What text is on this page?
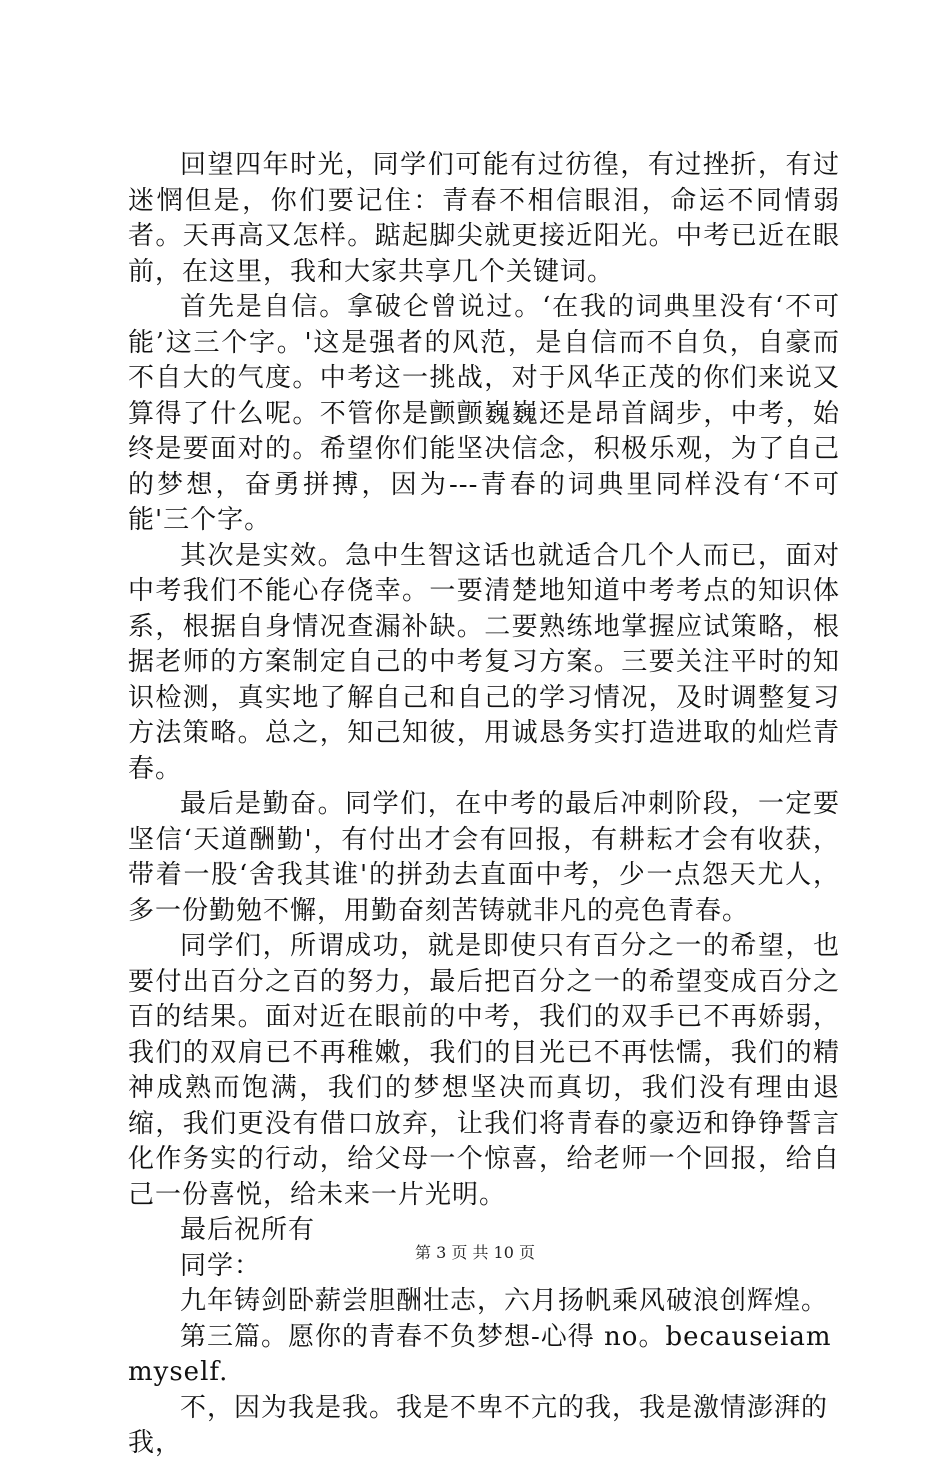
回望四年时光，同学们可能有过彷徨，有过挫折，有过迷惘但是，你们要记住：青春不相信眼泪，命运不同情弱者。天再高又怎样。踮起脚尖就更接近阳光。中考已近在眼前，在这里，我和大家共享几个关键词。

首先是自信。拿破仑曾说过。‘在我的词典里没有‘不可能’这三个字。'这是强者的风范，是自信而不自负，自豪而不自大的气度。中考这一挑战，对于风华正茂的你们来说又算得了什么呢。不管你是颤颤巍巍还是昂首阔步，中考，始终是要面对的。希望你们能坚决信念，积极乐观，为了自己的梦想，奋勇拼搏，因为---青春的词典里同样没有‘不可能'三个字。

其次是实效。急中生智这话也就适合几个人而已，面对中考我们不能心存侥幸。一要清楚地知道中考考点的知识体系，根据自身情况查漏补缺。二要熟练地掌握应试策略，根据老师的方案制定自己的中考复习方案。三要关注平时的知识检测，真实地了解自己和自己的学习情况，及时调整复习方法策略。总之，知己知彼，用诚恳务实打造进取的灿烂青春。

最后是勤奋。同学们，在中考的最后冲刺阶段，一定要坚信‘天道酬勤'，有付出才会有回报，有耕耘才会有收获，带着一股‘舍我其谁'的拼劲去直面中考，少一点怨天尤人，多一份勤勉不懈，用勤奋刻苦铸就非凡的亮色青春。

同学们，所谓成功，就是即使只有百分之一的希望，也要付出百分之百的努力，最后把百分之一的希望变成百分之百的结果。面对近在眼前的中考，我们的双手已不再娇弱，我们的双肩已不再稚嫩，我们的目光已不再怯懦，我们的精神成熟而饱满，我们的梦想坚决而真切，我们没有理由退缩，我们更没有借口放弃，让我们将青春的豪迈和铮铮誓言化作务实的行动，给父母一个惊喜，给老师一个回报，给自己一份喜悦，给未来一片光明。

最后祝所有

同学：

九年铸剑卧薪尝胆酬壮志，六月扬帆乘风破浪创辉煌。

第三篇。愿你的青春不负梦想-心得 no。becauseiammyself.

不，因为我是我。我是不卑不亢的我，我是激情澎湃的我，

第 3 页 共 10 页
